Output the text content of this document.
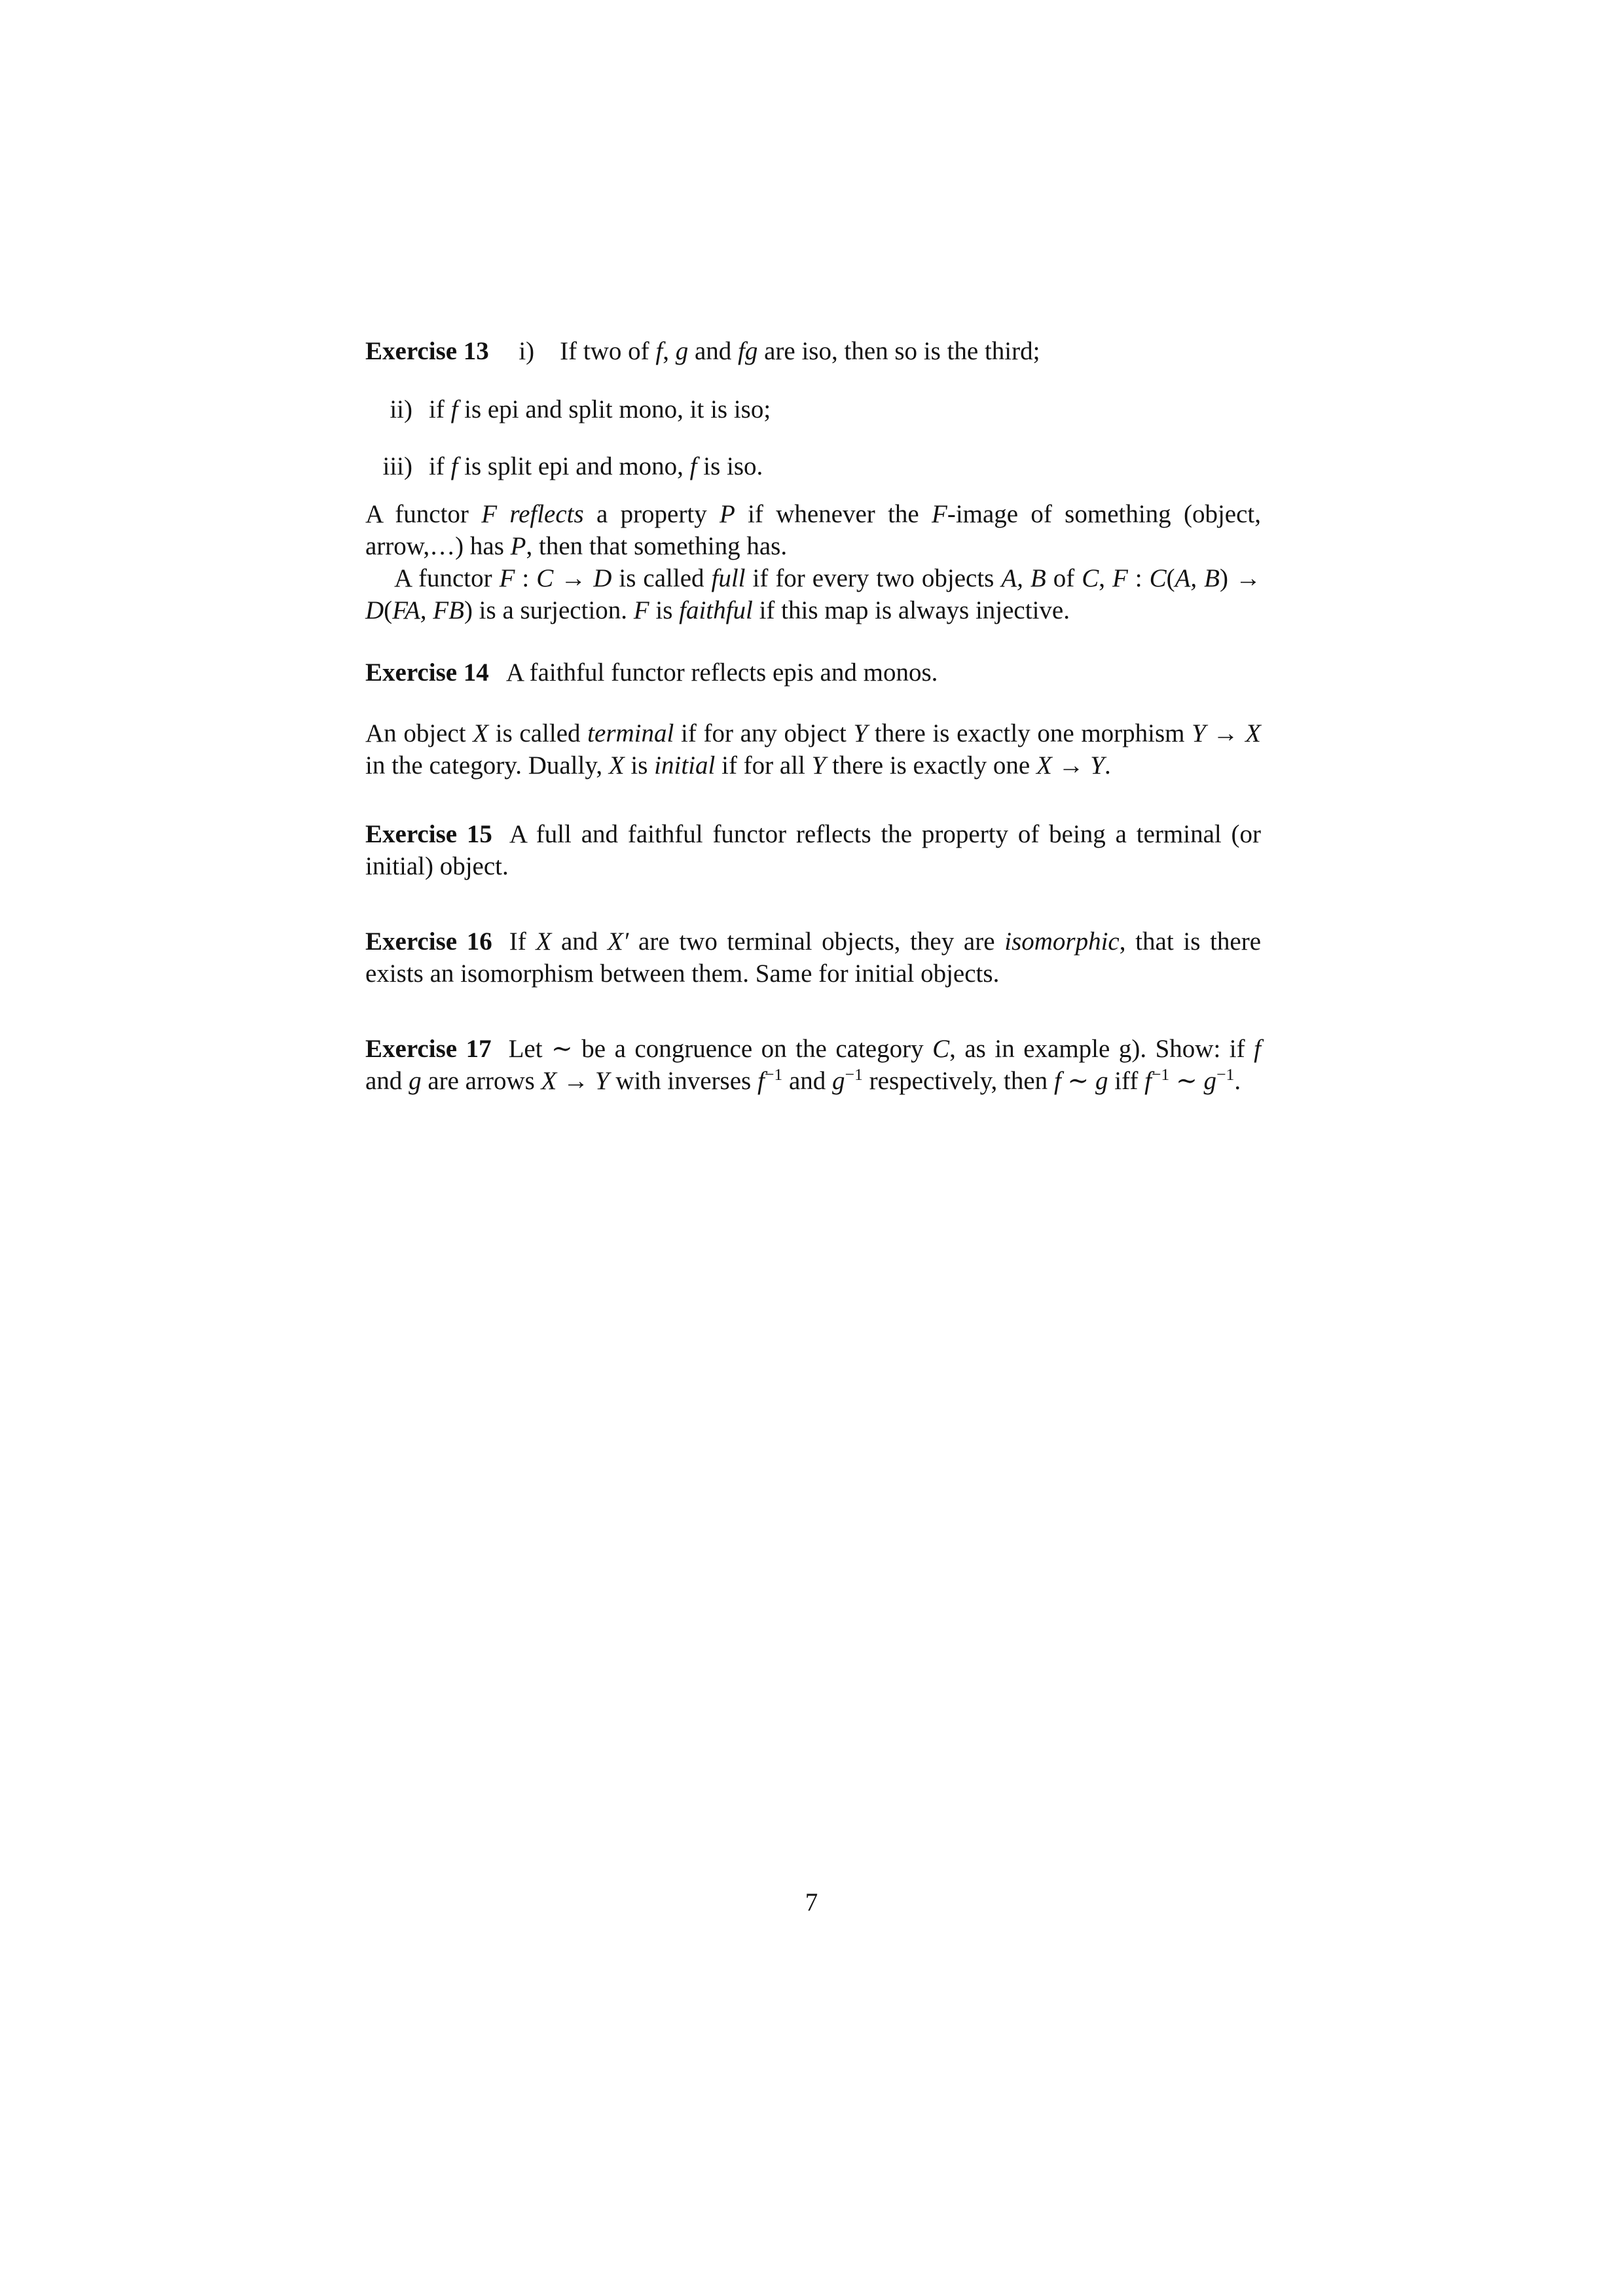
Exercise 13 i) If two of f, g and fg are iso, then so is the third;
ii) if f is epi and split mono, it is iso;
iii) if f is split epi and mono, f is iso.
A functor F reflects a property P if whenever the F-image of something (object, arrow,…) has P, then that something has.
A functor F : C → D is called full if for every two objects A, B of C, F : C(A, B) → D(FA, FB) is a surjection. F is faithful if this map is always injective.
Exercise 14 A faithful functor reflects epis and monos.
An object X is called terminal if for any object Y there is exactly one morphism Y → X in the category. Dually, X is initial if for all Y there is exactly one X → Y.
Exercise 15 A full and faithful functor reflects the property of being a terminal (or initial) object.
Exercise 16 If X and X′ are two terminal objects, they are isomorphic, that is there exists an isomorphism between them. Same for initial objects.
Exercise 17 Let ∼ be a congruence on the category C, as in example g). Show: if f and g are arrows X → Y with inverses $f^{-1}$ and $g^{-1}$ respectively, then f ∼ g iff $f^{-1}$ ∼ $g^{-1}$.
7
